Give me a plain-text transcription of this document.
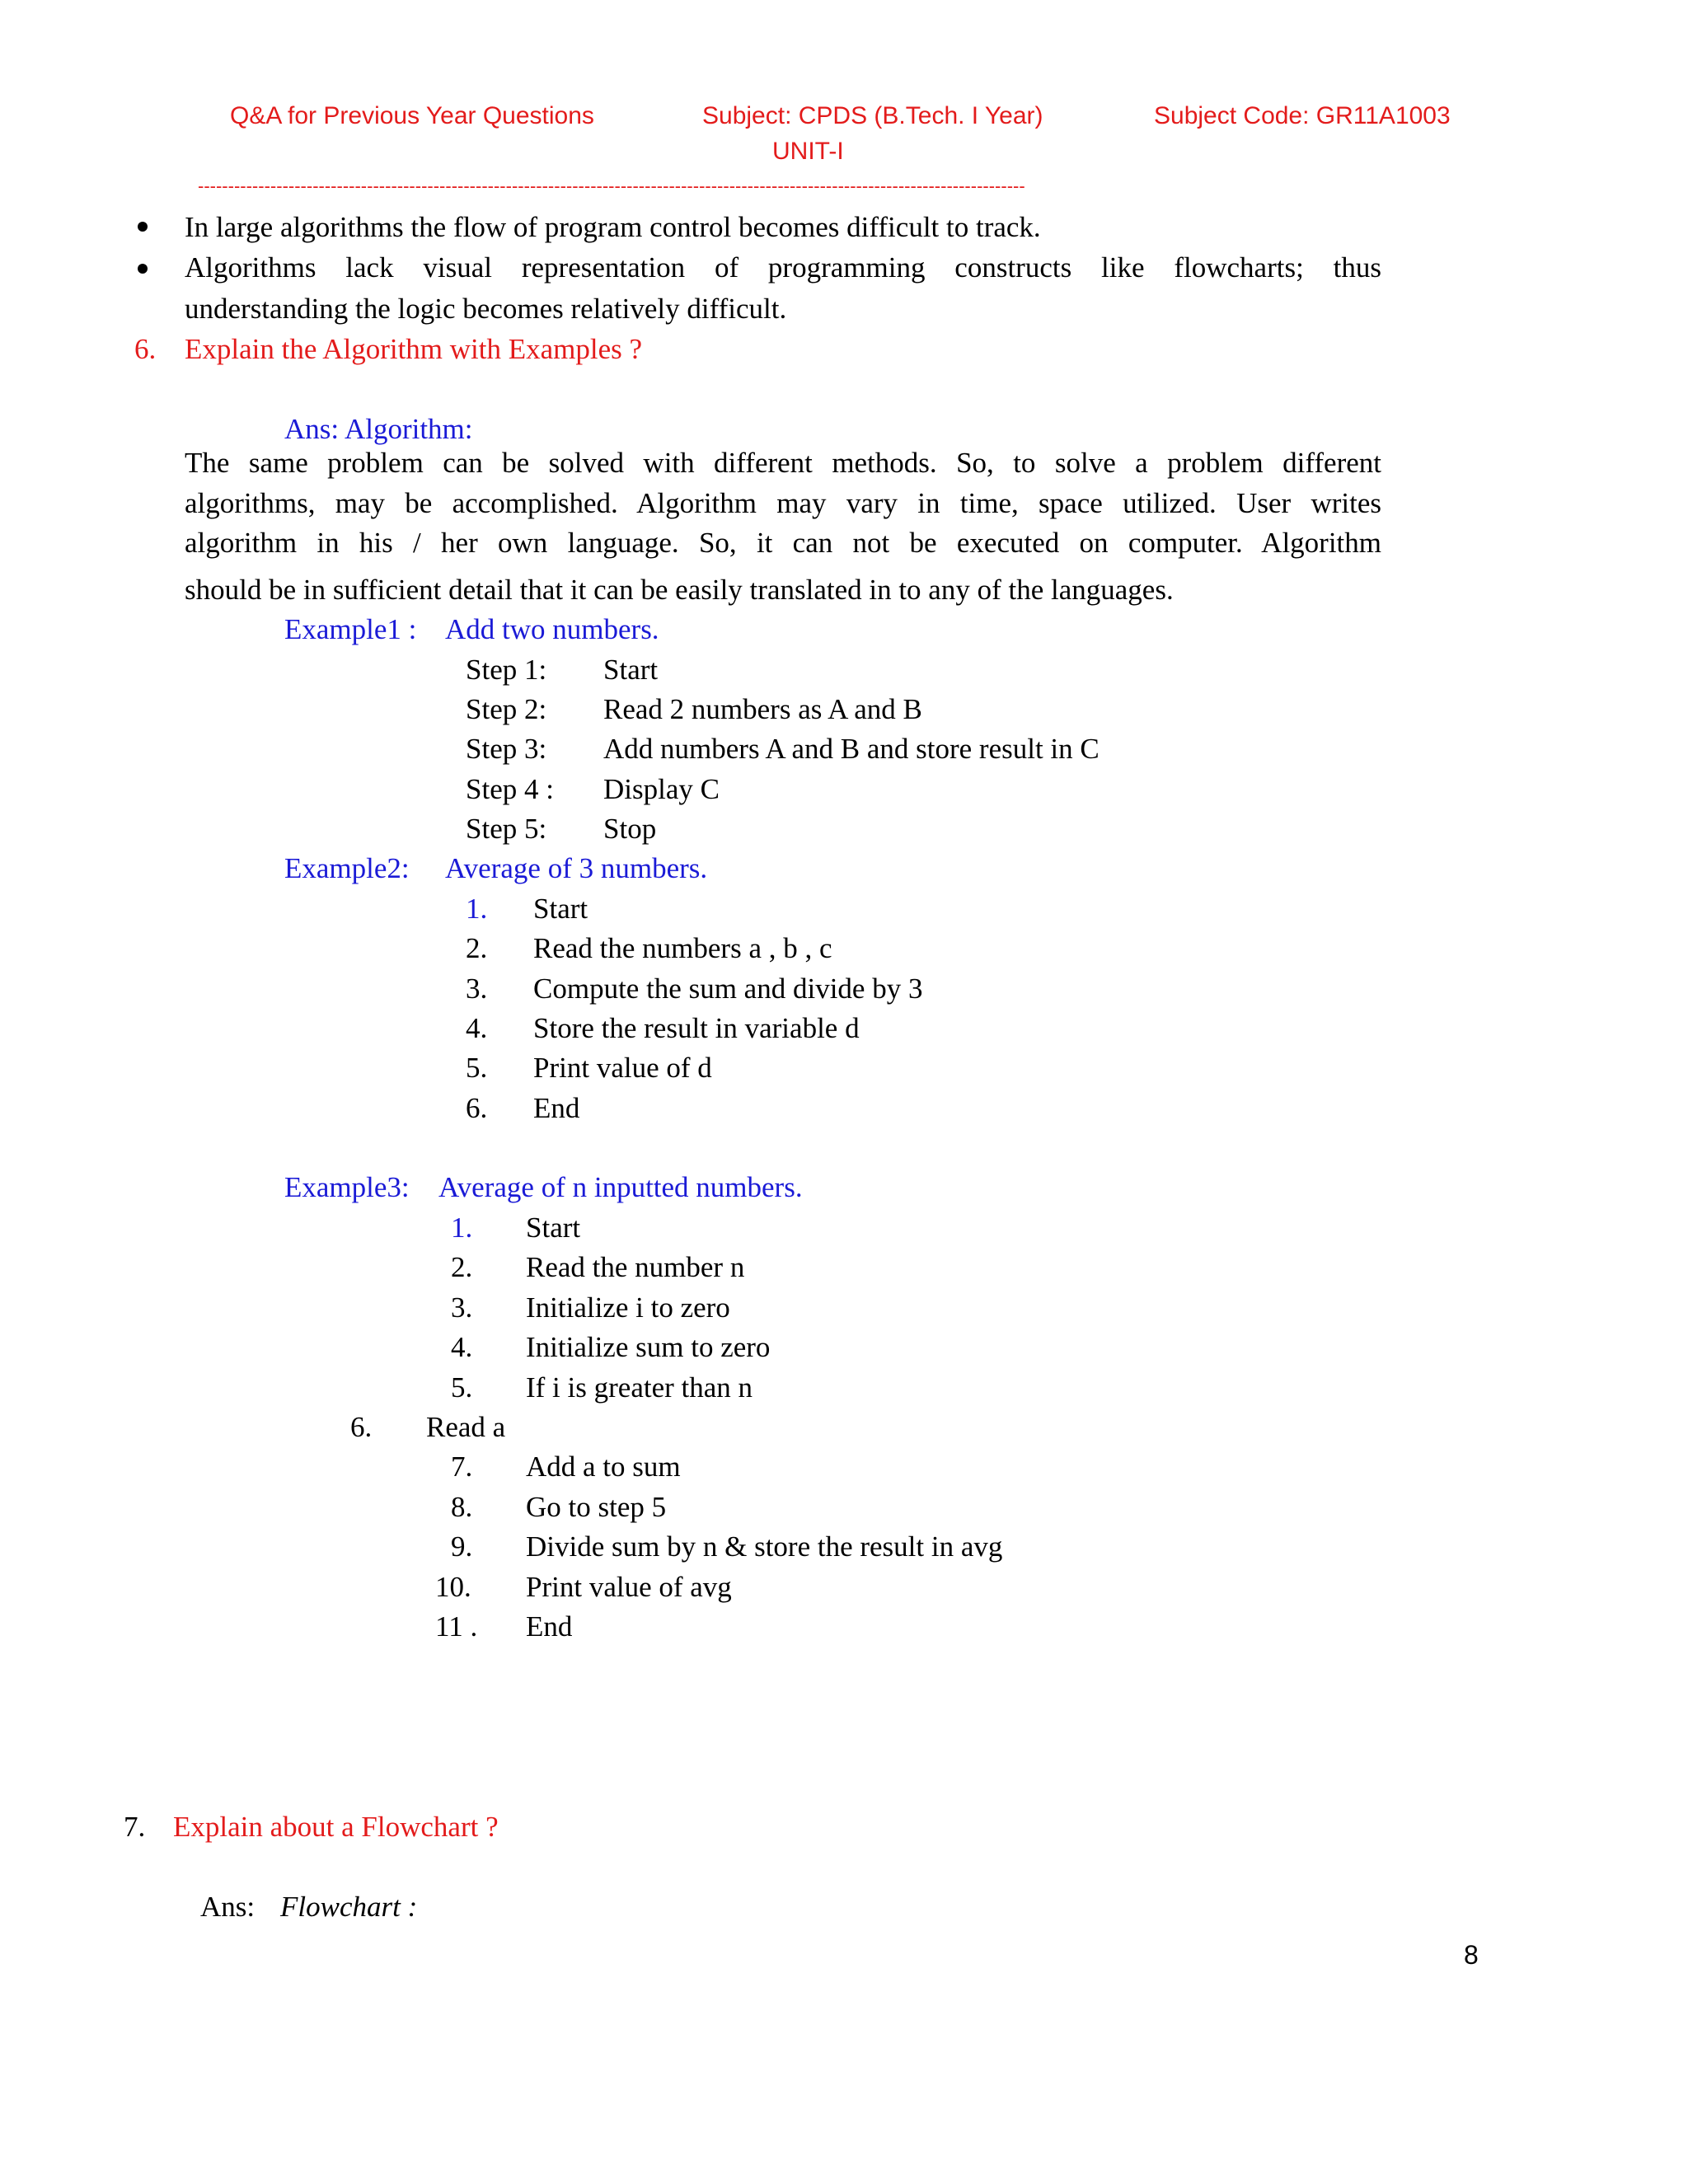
Q&A for Previous Year Questions	Subject: CPDS (B.Tech. I Year)	Subject Code: GR11A1003
UNIT-I
-----------------------------------------------------------------------------------------------------------------------------------------
In large algorithms the flow of program control becomes difficult to track.
Algorithms lack visual representation of programming constructs like flowcharts; thus
understanding the logic becomes relatively difficult.
6. Explain the Algorithm with Examples ?
Ans: Algorithm:
The same problem can be solved with different methods. So, to solve a problem different
algorithms, may be accomplished. Algorithm may vary in time, space utilized. User writes
algorithm in his / her own language. So, it can not be executed on computer. Algorithm
should be in sufficient detail that it can be easily translated in to any of the languages.
Example1 : Add two numbers.
Step 1: Start
Step 2: Read 2 numbers as A and B
Step 3: Add numbers A and B and store result in C
Step 4 : Display C
Step 5: Stop
Example2: Average of 3 numbers.
1. Start
2. Read the numbers a , b , c
3. Compute the sum and divide by 3
4. Store the result in variable d
5. Print value of d
6. End
Example3: Average of n inputted numbers.
1. Start
2. Read the number n
3. Initialize i to zero
4. Initialize sum to zero
5. If i is greater than n
6. Read a
7. Add a to sum
8. Go to step 5
9. Divide sum by n & store the result in avg
10. Print value of avg
11 . End
7. Explain about a Flowchart ?
Ans: Flowchart :
8
